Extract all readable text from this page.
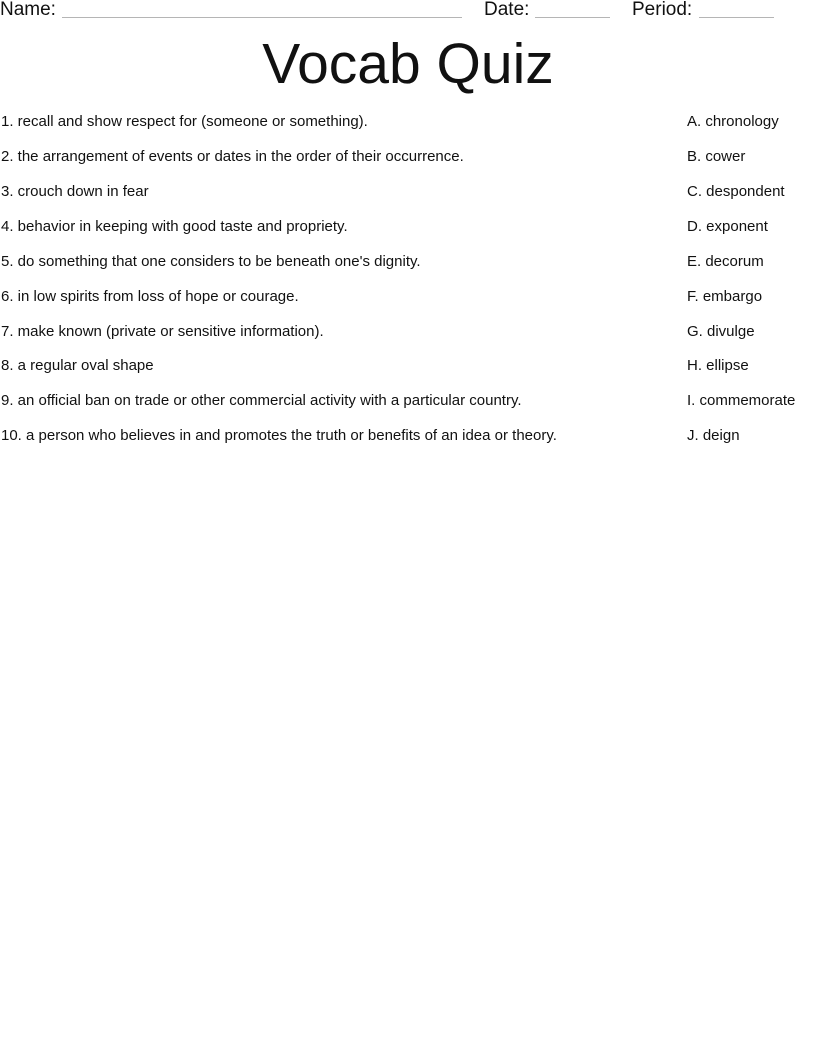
Name:	Date:	Period:
Vocab Quiz
1. recall and show respect for (someone or something).	A. chronology
2. the arrangement of events or dates in the order of their occurrence.	B. cower
3. crouch down in fear	C. despondent
4. behavior in keeping with good taste and propriety.	D. exponent
5. do something that one considers to be beneath one's dignity.	E. decorum
6. in low spirits from loss of hope or courage.	F. embargo
7. make known (private or sensitive information).	G. divulge
8. a regular oval shape	H. ellipse
9. an official ban on trade or other commercial activity with a particular country.	I. commemorate
10. a person who believes in and promotes the truth or benefits of an idea or theory.	J. deign
